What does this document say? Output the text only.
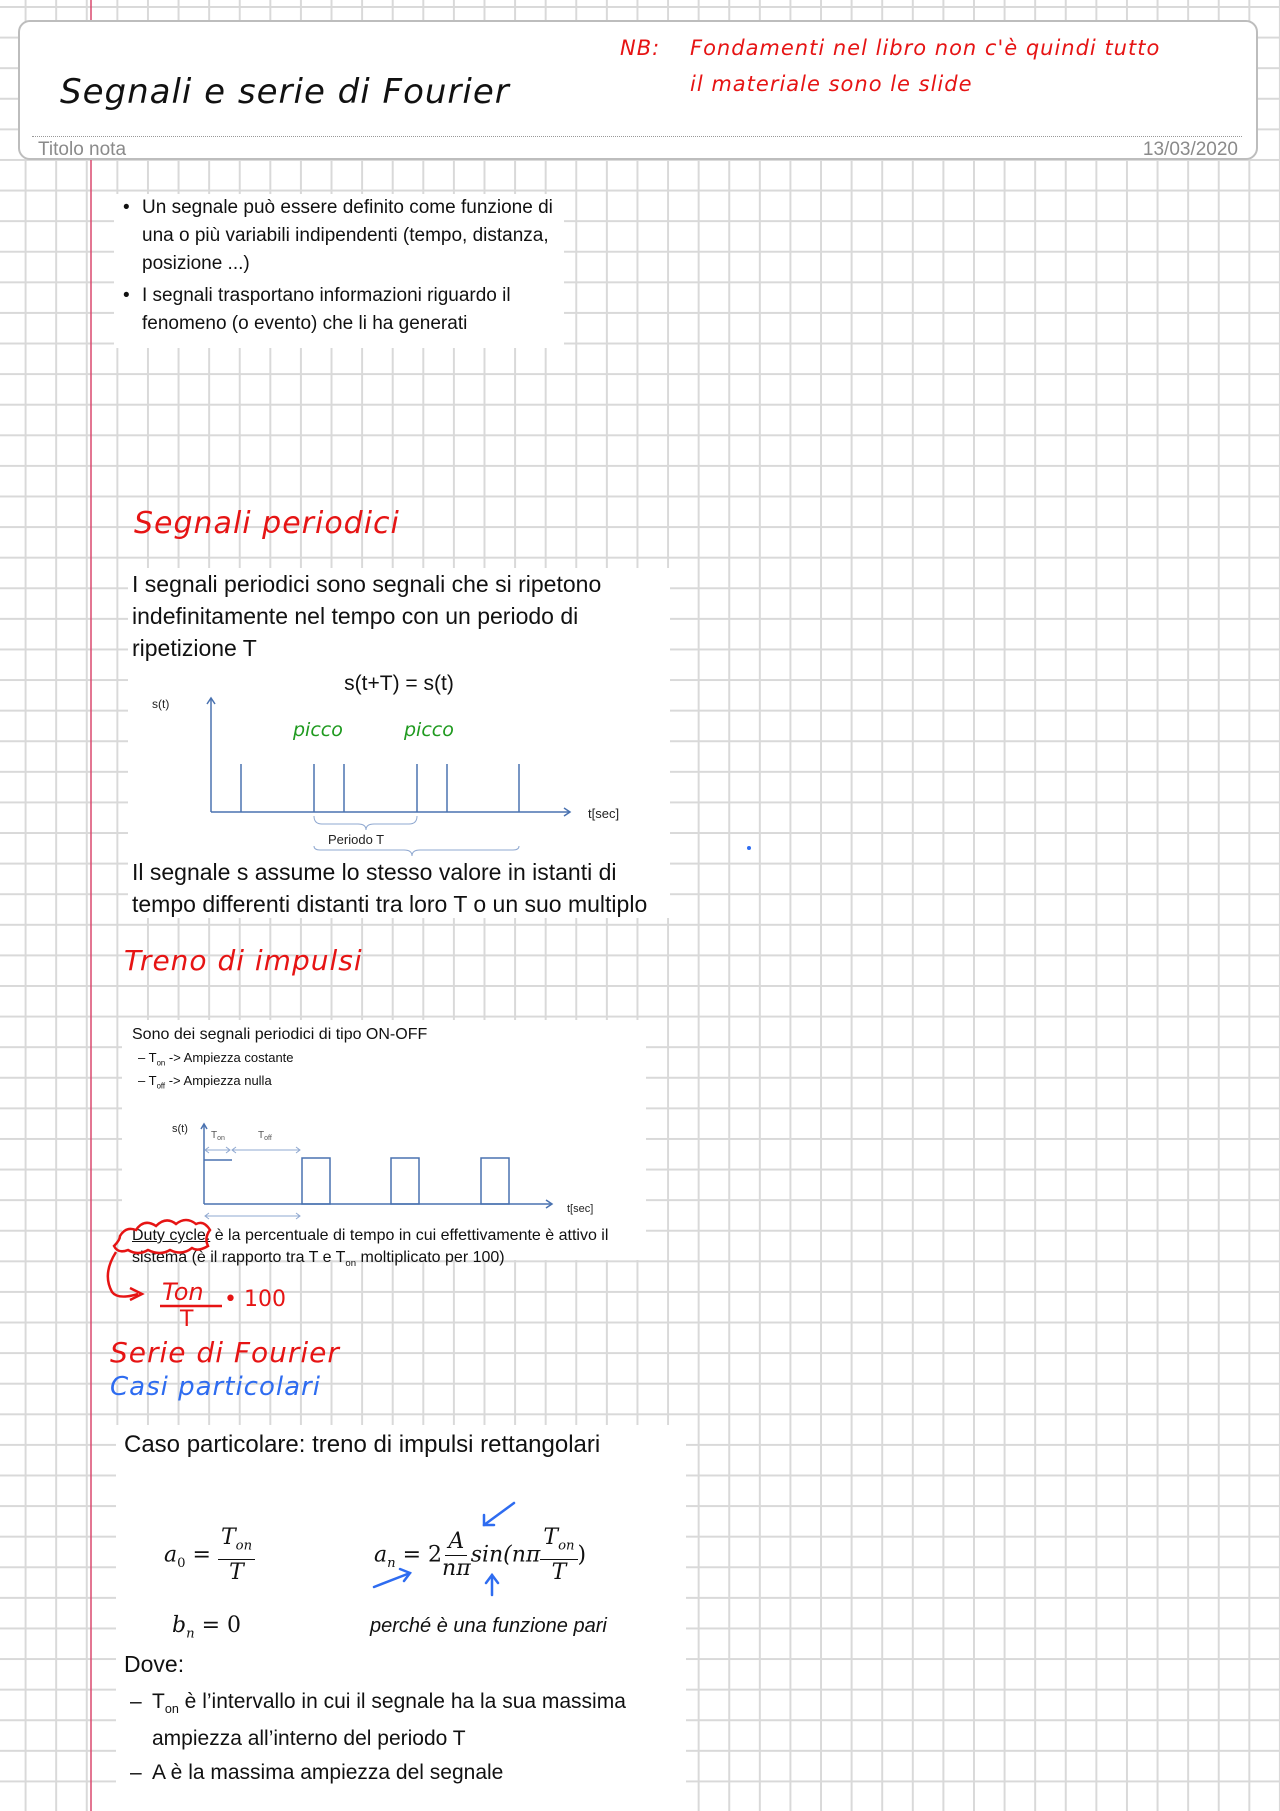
Segnali e serie di Fourier
NB: Fondamenti nel libro non c'è quindi tutto
il materiale sono le slide
Titolo nota	13/03/2020
• Un segnale può essere definito come funzione di una o più variabili indipendenti (tempo, distanza, posizione ...)
• I segnali trasportano informazioni riguardo il fenomeno (o evento) che li ha generati
Segnali periodici
I segnali periodici sono segnali che si ripetono indefinitamente nel tempo con un periodo di ripetizione T
s(t+T) = s(t)
s(t)
t[sec]
Periodo T
picco	picco
Il segnale s assume lo stesso valore in istanti di tempo differenti distanti tra loro T o un suo multiplo
Treno di impulsi
Sono dei segnali periodici di tipo ON-OFF
– $T_{on}$ -> Ampiezza costante
– $T_{off}$ -> Ampiezza nulla
s(t)
$T_{on}$	$T_{off}$
t[sec]
Duty cycle: è la percentuale di tempo in cui effettivamente è attivo il sistema (è il rapporto tra T e $T_{on}$ moltiplicato per 100)
Ton
T
• 100
Serie di Fourier
Casi particolari
Caso particolare: treno di impulsi rettangolari
$a_0 = \frac{T_{on}}{T}$	$a_n = 2 \frac{A}{n\pi} \sin(n\pi \frac{T_{on}}{T}$ )
$b_n = 0$	perché è una funzione pari
Dove:
– $T_{on}$ è l’intervallo in cui il segnale ha la sua massima ampiezza all’interno del periodo T
– A è la massima ampiezza del segnale
